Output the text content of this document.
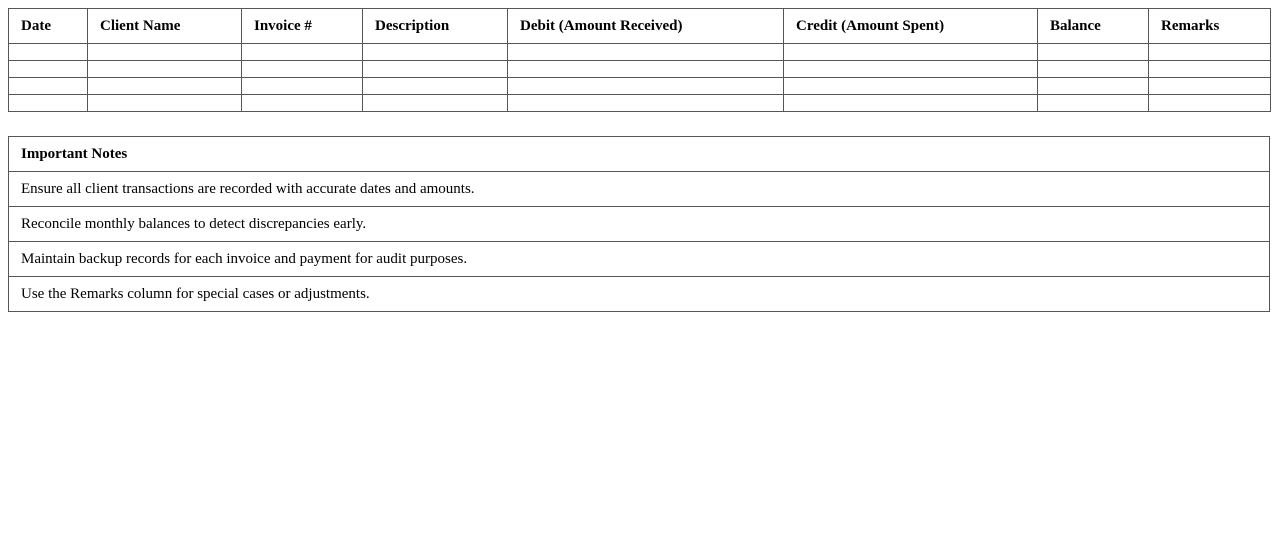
Date	Client Name	Invoice #	Description	Debit (Amount Received)	Credit (Amount Spent)	Balance	Remarks

Important Notes
Ensure all client transactions are recorded with accurate dates and amounts.
Reconcile monthly balances to detect discrepancies early.
Maintain backup records for each invoice and payment for audit purposes.
Use the Remarks column for special cases or adjustments.
